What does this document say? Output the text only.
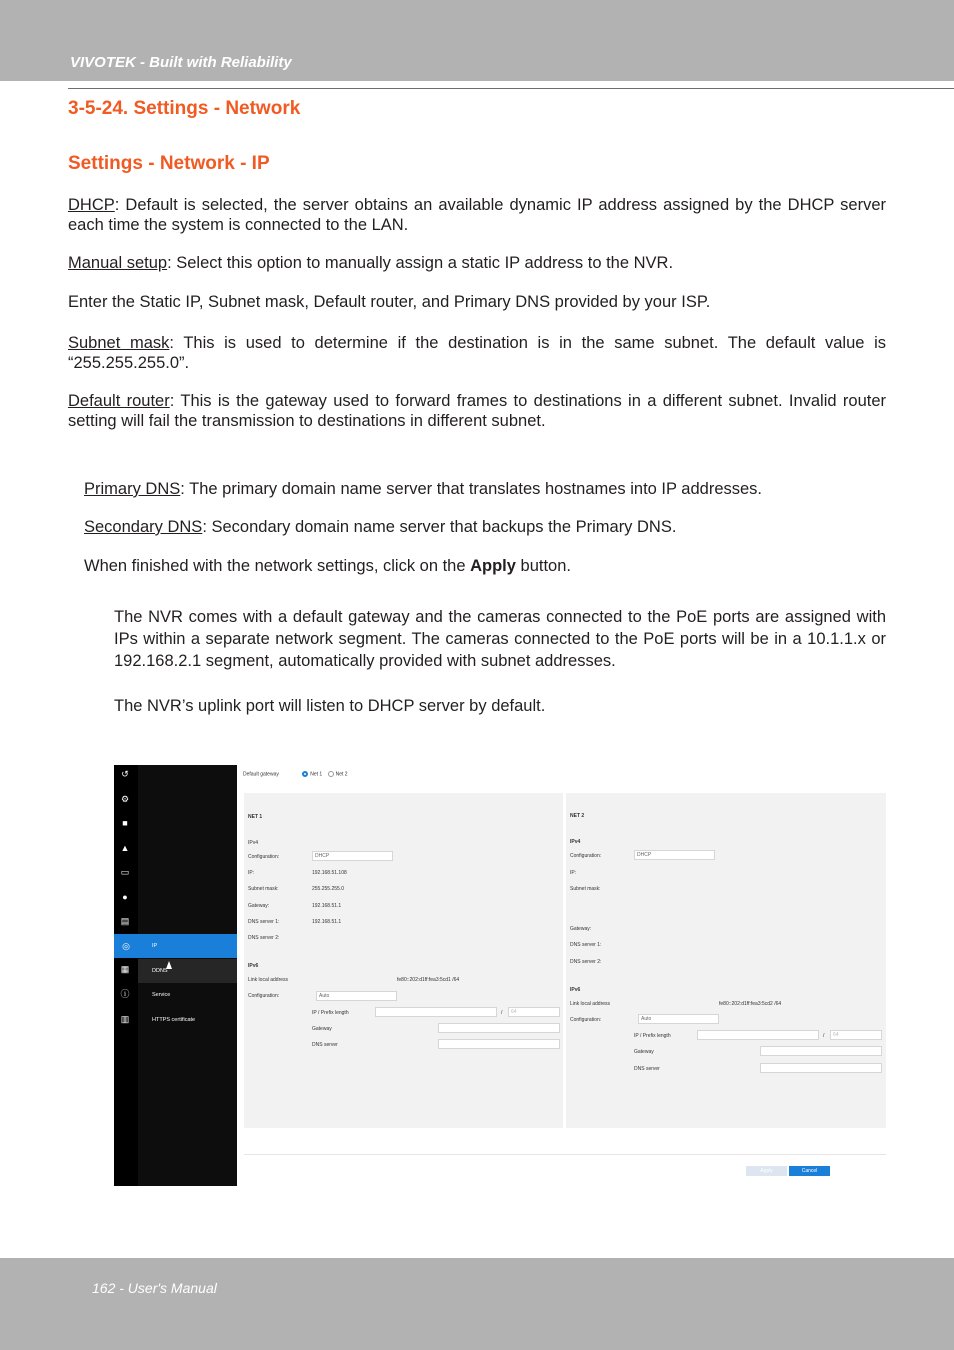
VIVOTEK - Built with Reliability
3-5-24. Settings - Network
Settings - Network - IP

DHCP: Default is selected, the server obtains an available dynamic IP address assigned by the DHCP server each time the system is connected to the LAN.

Manual setup: Select this option to manually assign a static IP address to the NVR.

Enter the Static IP, Subnet mask, Default router, and Primary DNS provided by your ISP.

Subnet mask: This is used to determine if the destination is in the same subnet. The default value is “255.255.255.0”.

Default router: This is the gateway used to forward frames to destinations in a different subnet. Invalid router setting will fail the transmission to destinations in different subnet.

Primary DNS: The primary domain name server that translates hostnames into IP addresses.

Secondary DNS: Secondary domain name server that backups the Primary DNS.

When finished with the network settings, click on the Apply button.

The NVR comes with a default gateway and the cameras connected to the PoE ports are assigned with IPs within a separate network segment. The cameras connected to the PoE ports will be in a 10.1.1.x or 192.168.2.1 segment, automatically provided with subnet addresses.

The NVR’s uplink port will listen to DHCP server by default.

↺
⚙
■
▲
▭
●
▤
◎
▦
ⓘ
▥
IP
DDNS
Service
HTTPS certificate
Default gateway	Net 1	Net 2
NET 1
IPv4
Configuration:	DHCP
IP:	192.168.51.108
Subnet mask:	255.255.255.0
Gateway:	192.168.51.1
DNS server 1:	192.168.51.1
DNS server 2:
IPv6
Link local address	fe80::202:d1ff:fea3:5cd1 /64
Configuration:	Auto
IP / Prefix length	/	64
Gateway
DNS server
NET 2
IPv4
Configuration:	DHCP
IP:
Subnet mask:
Gateway:
DNS server 1:
DNS server 2:
IPv6
Link local address	fe80::202:d1ff:fea3:5cd2 /64
Configuration:	Auto
IP / Prefix length	/	64
Gateway
DNS server
Apply	Cancel
162 - User's Manual
